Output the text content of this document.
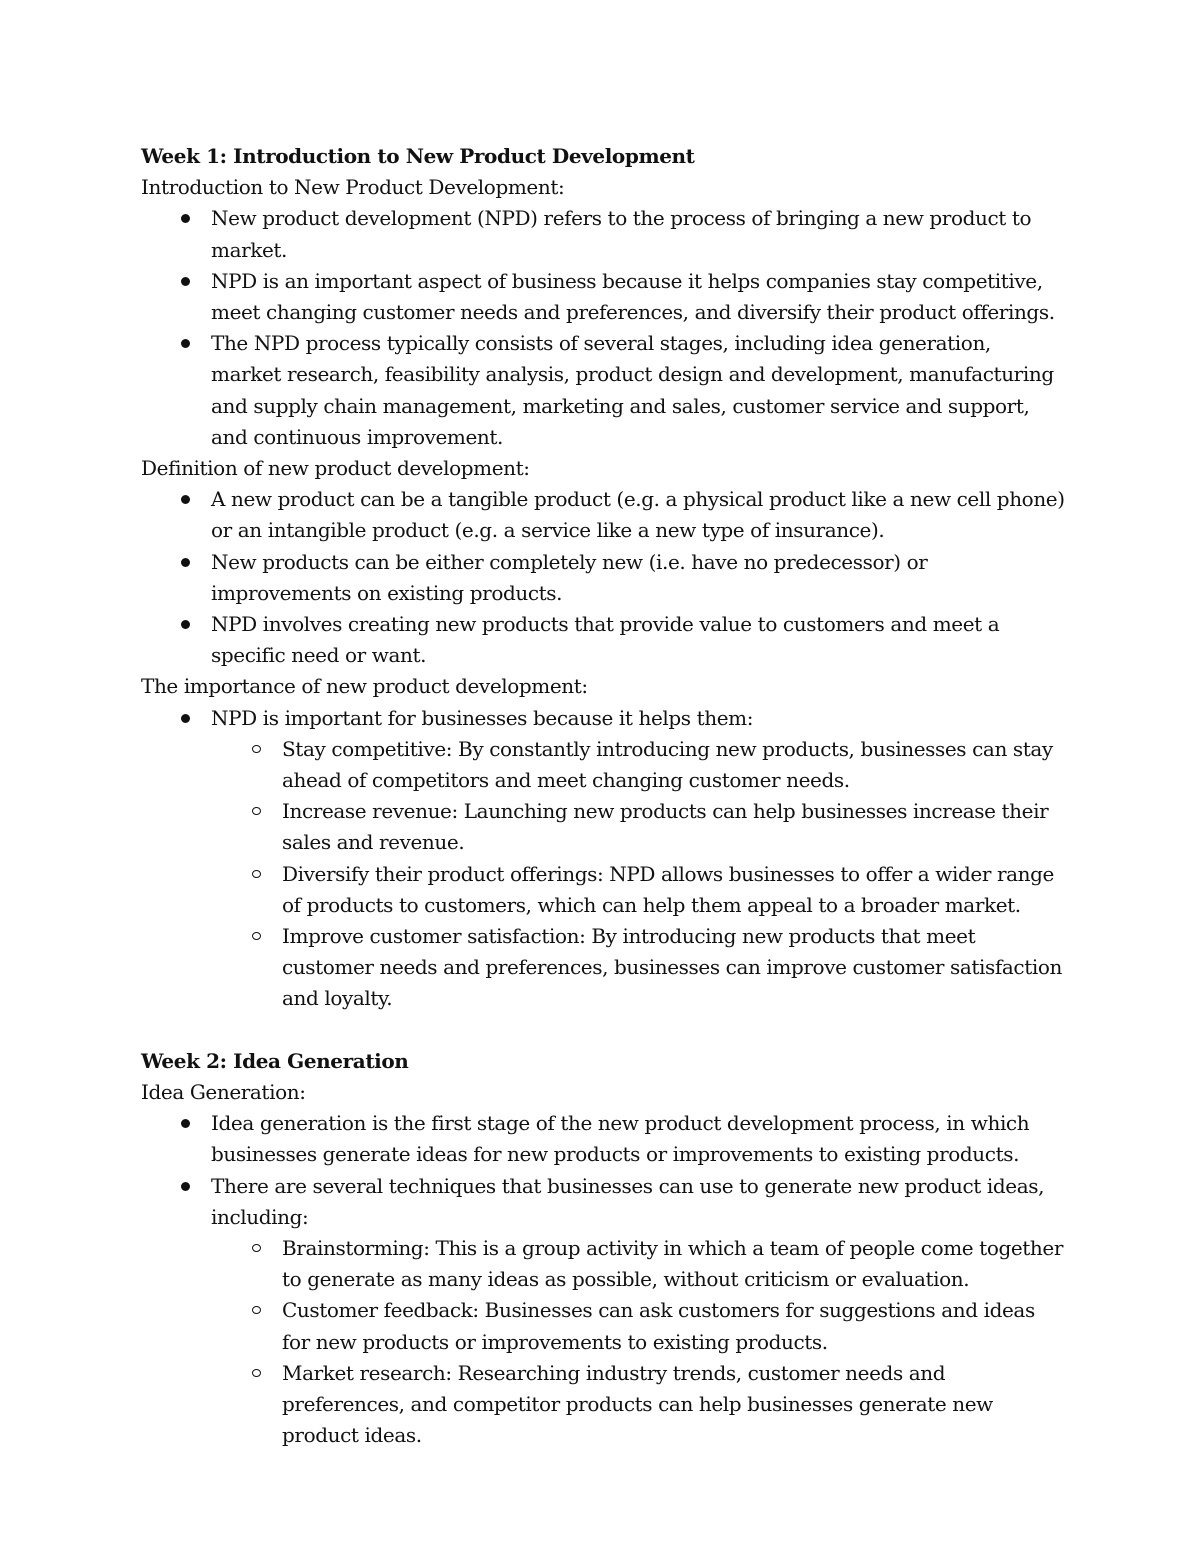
Week 1: Introduction to New Product Development

Introduction to New Product Development:

New product development (NPD) refers to the process of bringing a new product to market.
NPD is an important aspect of business because it helps companies stay competitive, meet changing customer needs and preferences, and diversify their product offerings.
The NPD process typically consists of several stages, including idea generation, market research, feasibility analysis, product design and development, manufacturing and supply chain management, marketing and sales, customer service and support, and continuous improvement.

Definition of new product development:

A new product can be a tangible product (e.g. a physical product like a new cell phone) or an intangible product (e.g. a service like a new type of insurance).
New products can be either completely new (i.e. have no predecessor) or improvements on existing products.
NPD involves creating new products that provide value to customers and meet a specific need or want.

The importance of new product development:

NPD is important for businesses because it helps them:
Stay competitive: By constantly introducing new products, businesses can stay ahead of competitors and meet changing customer needs.
Increase revenue: Launching new products can help businesses increase their sales and revenue.
Diversify their product offerings: NPD allows businesses to offer a wider range of products to customers, which can help them appeal to a broader market.
Improve customer satisfaction: By introducing new products that meet customer needs and preferences, businesses can improve customer satisfaction and loyalty.

Week 2: Idea Generation

Idea Generation:

Idea generation is the first stage of the new product development process, in which businesses generate ideas for new products or improvements to existing products.
There are several techniques that businesses can use to generate new product ideas, including:
Brainstorming: This is a group activity in which a team of people come together to generate as many ideas as possible, without criticism or evaluation.
Customer feedback: Businesses can ask customers for suggestions and ideas for new products or improvements to existing products.
Market research: Researching industry trends, customer needs and preferences, and competitor products can help businesses generate new product ideas.
